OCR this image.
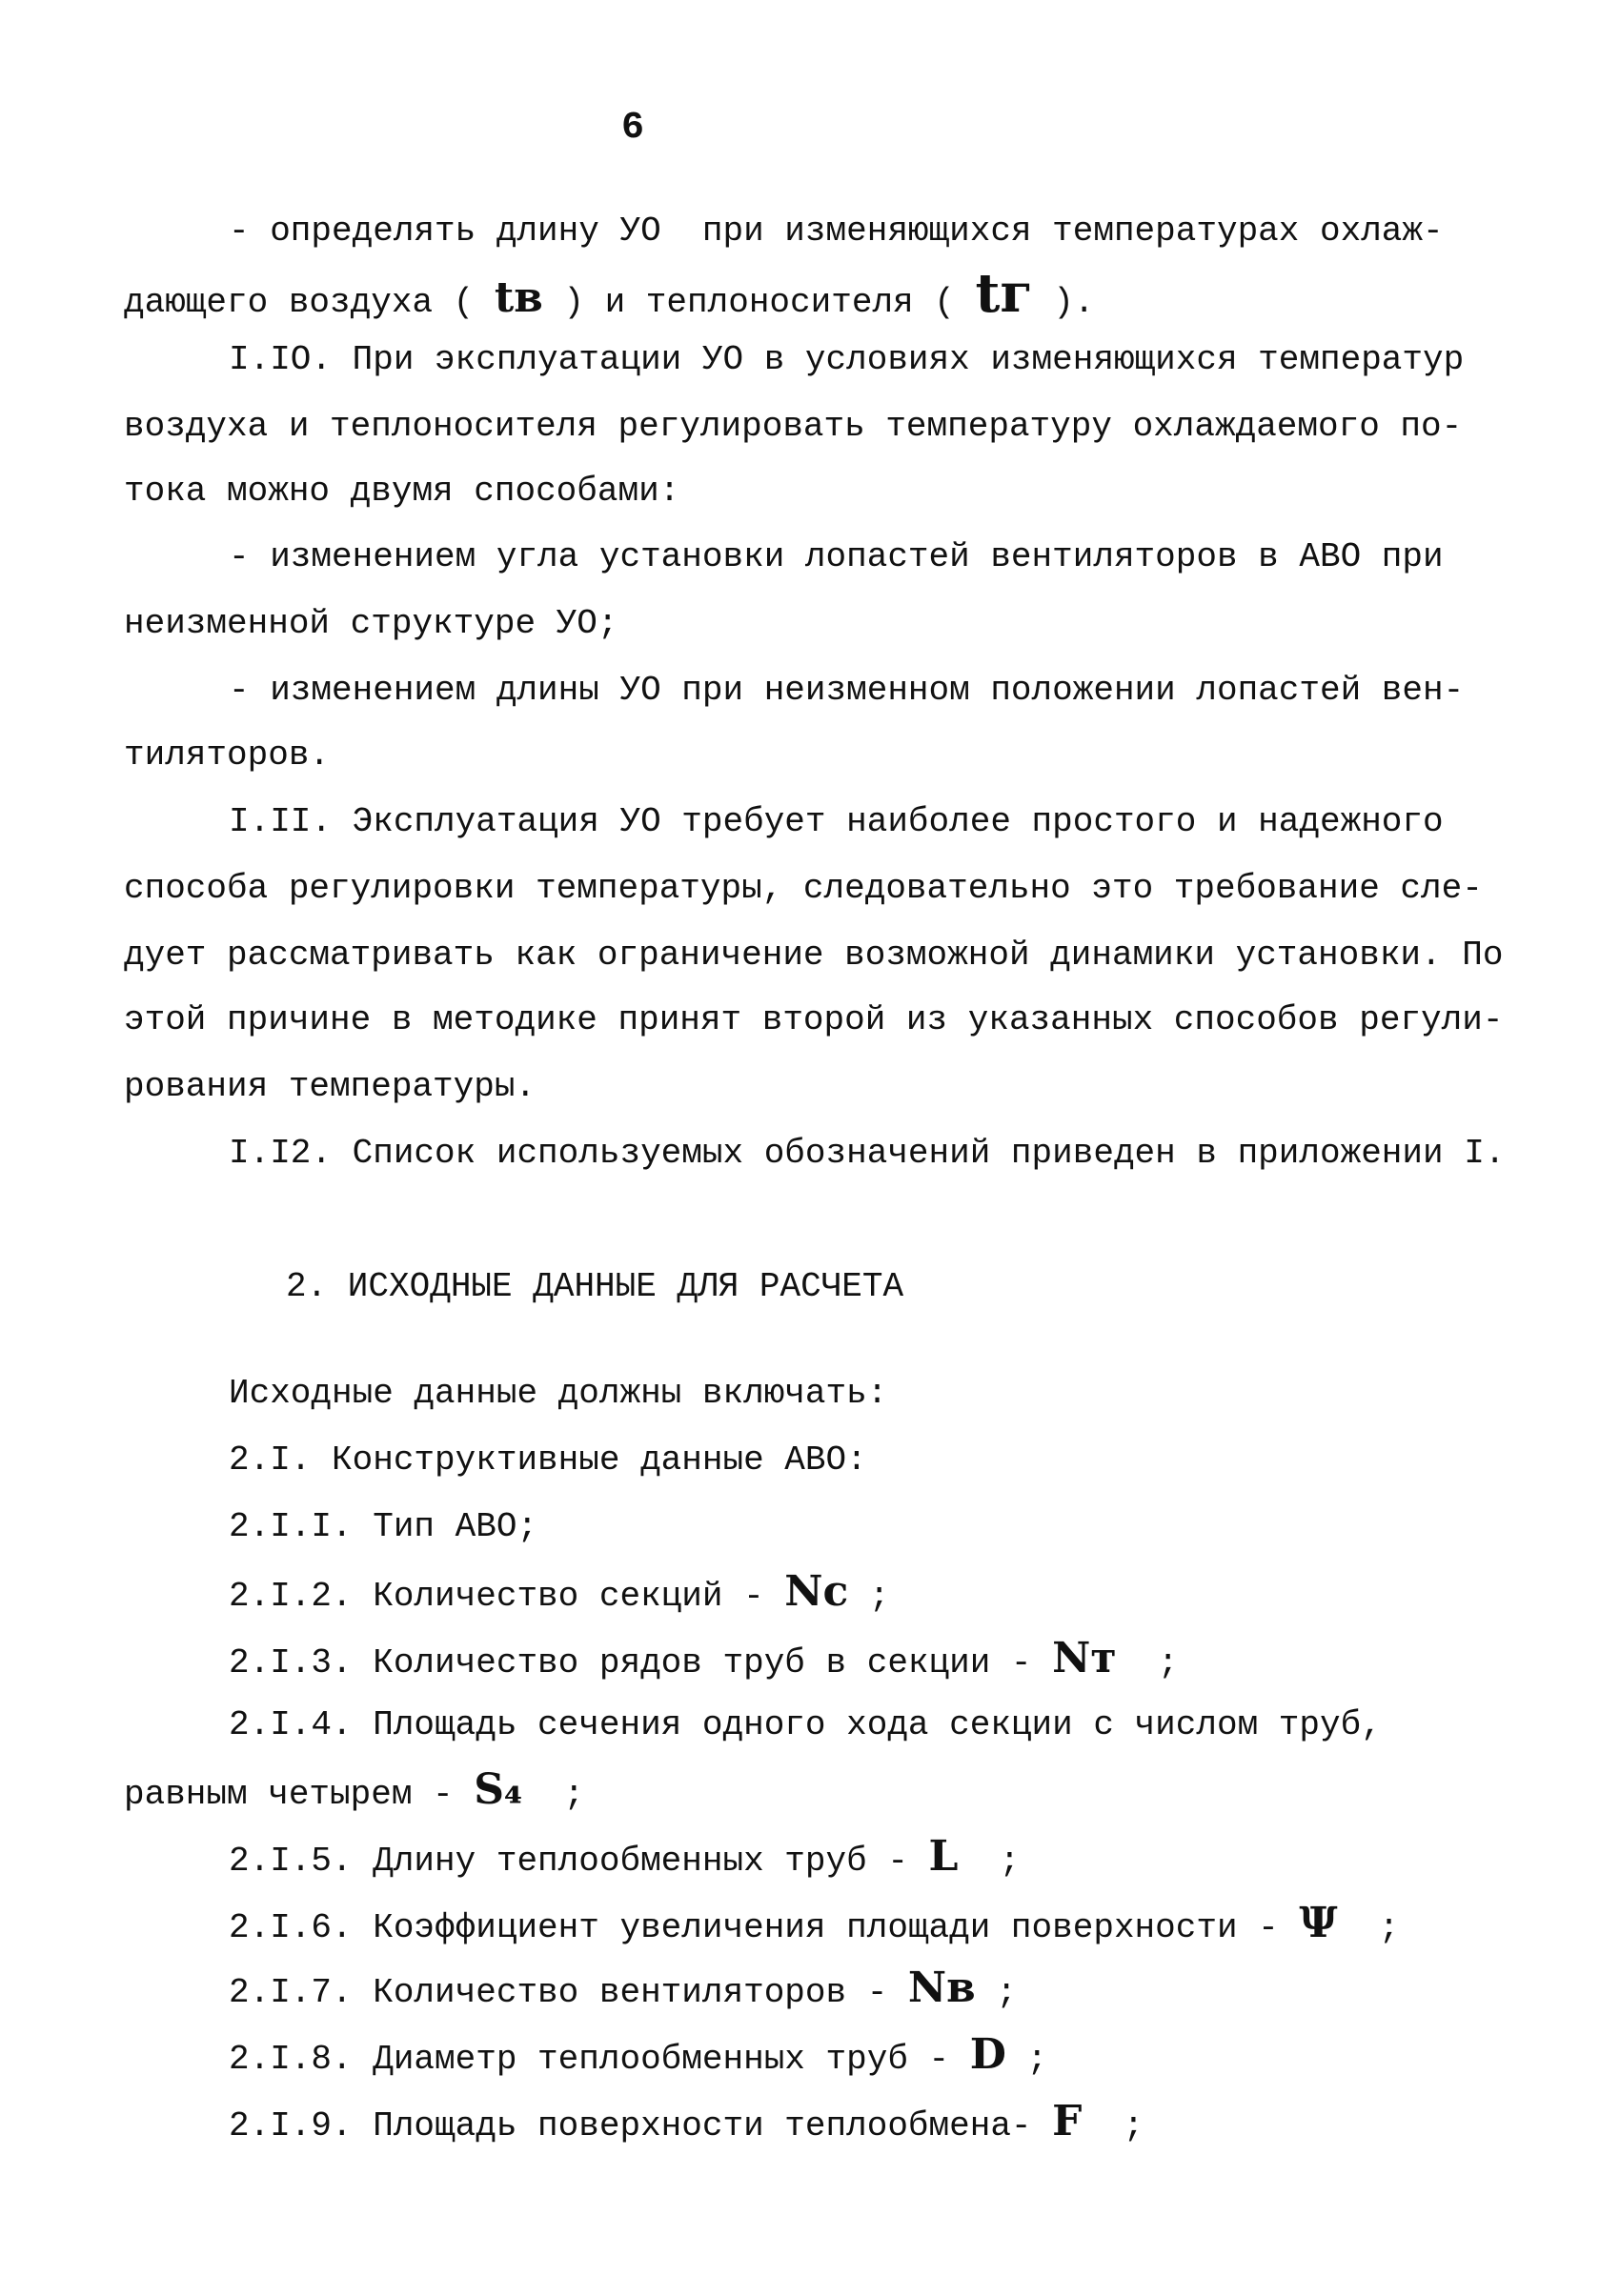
6
- определять длину УО  при изменяющихся температурах охлаж-
дающего воздуха ( tв ) и теплоносителя ( tг ).
I.IO. При эксплуатации УО в условиях изменяющихся температур
воздуха и теплоносителя регулировать температуру охлаждаемого по-
тока можно двумя способами:
- изменением угла установки лопастей вентиляторов в АВО при
неизменной структуре УО;
- изменением длины УО при неизменном положении лопастей вен-
тиляторов.
I.II. Эксплуатация УО требует наиболее простого и надежного
способа регулировки температуры, следовательно это требование сле-
дует рассматривать как ограничение возможной динамики установки. По
этой причине в методике принят второй из указанных способов регули-
рования температуры.
I.I2. Список используемых обозначений приведен в приложении I.
2. ИСХОДНЫЕ ДАННЫЕ ДЛЯ РАСЧЕТА
Исходные данные должны включать:
2.I. Конструктивные данные АВО:
2.I.I. Тип АВО;
2.I.2. Количество секций - Nс ;
2.I.3. Количество рядов труб в секции - Nт  ;
2.I.4. Площадь сечения одного хода секции с числом труб,
равным четырем - S₄  ;
2.I.5. Длину теплообменных труб - L  ;
2.I.6. Коэффициент увеличения площади поверхности - Ψ  ;
2.I.7. Количество вентиляторов - Nв ;
2.I.8. Диаметр теплообменных труб - D ;
2.I.9. Площадь поверхности теплообмена- F  ;
